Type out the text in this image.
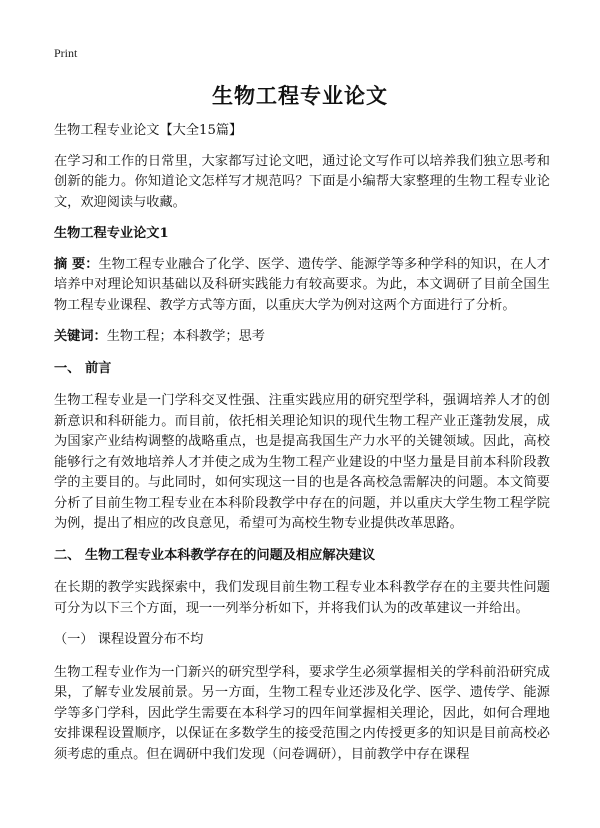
Print
生物工程专业论文

生物工程专业论文【大全15篇】

在学习和工作的日常里，大家都写过论文吧，通过论文写作可以培养我们独立思考和创新的能力。你知道论文怎样写才规范吗？下面是小编帮大家整理的生物工程专业论文，欢迎阅读与收藏。

生物工程专业论文1

摘 要：生物工程专业融合了化学、医学、遗传学、能源学等多种学科的知识，在人才培养中对理论知识基础以及科研实践能力有较高要求。为此，本文调研了目前全国生物工程专业课程、教学方式等方面，以重庆大学为例对这两个方面进行了分析。

关键词：生物工程；本科教学；思考

一、 前言

生物工程专业是一门学科交叉性强、注重实践应用的研究型学科，强调培养人才的创新意识和科研能力。而目前，依托相关理论知识的现代生物工程产业正蓬勃发展，成为国家产业结构调整的战略重点，也是提高我国生产力水平的关键领域。因此，高校能够行之有效地培养人才并使之成为生物工程产业建设的中坚力量是目前本科阶段教学的主要目的。与此同时，如何实现这一目的也是各高校急需解决的问题。本文简要分析了目前生物工程专业在本科阶段教学中存在的问题，并以重庆大学生物工程学院为例，提出了相应的改良意见，希望可为高校生物专业提供改革思路。

二、 生物工程专业本科教学存在的问题及相应解决建议

在长期的教学实践探索中，我们发现目前生物工程专业本科教学存在的主要共性问题可分为以下三个方面，现一一列举分析如下，并将我们认为的改革建议一并给出。

（一） 课程设置分布不均

生物工程专业作为一门新兴的研究型学科，要求学生必须掌握相关的学科前沿研究成果，了解专业发展前景。另一方面，生物工程专业还涉及化学、医学、遗传学、能源学等多门学科，因此学生需要在本科学习的四年间掌握相关理论，因此，如何合理地安排课程设置顺序，以保证在多数学生的接受范围之内传授更多的知识是目前高校必须考虑的重点。但在调研中我们发现（问卷调研），目前教学中存在课程
